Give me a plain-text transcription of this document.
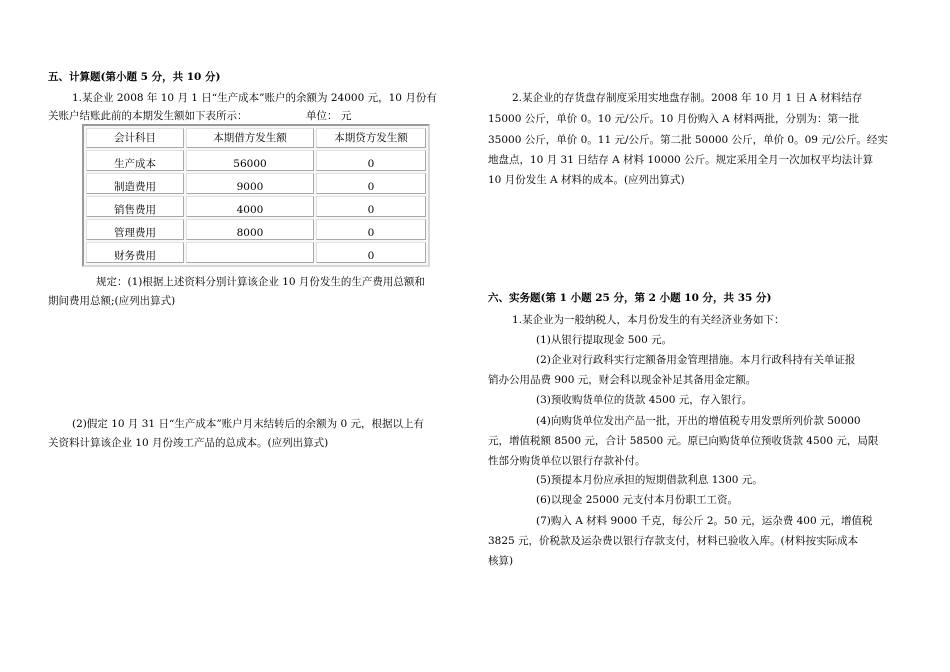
五、计算题(第小题 5 分，共 10 分)
1.某企业 2008 年 10 月 1 日“生产成本”账户的余额为 24000 元，10 月份有
关账户结账此前的本期发生额如下表所示：	单位： 元
会计科目	本期借方发生额	本期贷方发生额
生产成本	56000	0
制造费用	9000	0
销售费用	4000	0
管理费用	8000	0
财务费用		0
规定：(1)根据上述资料分别计算该企业 10 月份发生的生产费用总额和
期间费用总额;(应列出算式)
(2)假定 10 月 31 日“生产成本”账户月末结转后的余额为 0 元，根据以上有
关资料计算该企业 10 月份竣工产品的总成本。(应列出算式)
2.某企业的存货盘存制度采用实地盘存制。2008 年 10 月 1 日 A 材料结存
15000 公斤，单价 0。10 元/公斤。10 月份购入 A 材料两批，分别为：第一批
35000 公斤，单价 0。11 元/公斤。第二批 50000 公斤，单价 0。09 元/公斤。经实
地盘点，10 月 31 日结存 A 材料 10000 公斤。规定采用全月一次加权平均法计算
10 月份发生 A 材料的成本。(应列出算式)
六、实务题(第 1 小题 25 分，第 2 小题 10 分，共 35 分)
1.某企业为一般纳税人，本月份发生的有关经济业务如下：
(1)从银行提取现金 500 元。
(2)企业对行政科实行定额备用金管理措施。本月行政科持有关单证报
销办公用品费 900 元，财会科以现金补足其备用金定额。
(3)预收购货单位的货款 4500 元，存入银行。
(4)向购货单位发出产品一批，开出的增值税专用发票所列价款 50000
元，增值税额 8500 元，合计 58500 元。原已向购货单位预收货款 4500 元，局限
性部分购货单位以银行存款补付。
(5)预提本月份应承担的短期借款利息 1300 元。
(6)以现金 25000 元支付本月份职工工资。
(7)购入 A 材料 9000 千克，每公斤 2。50 元，运杂费 400 元，增值税
3825 元，价税款及运杂费以银行存款支付，材料已验收入库。(材料按实际成本
核算)
